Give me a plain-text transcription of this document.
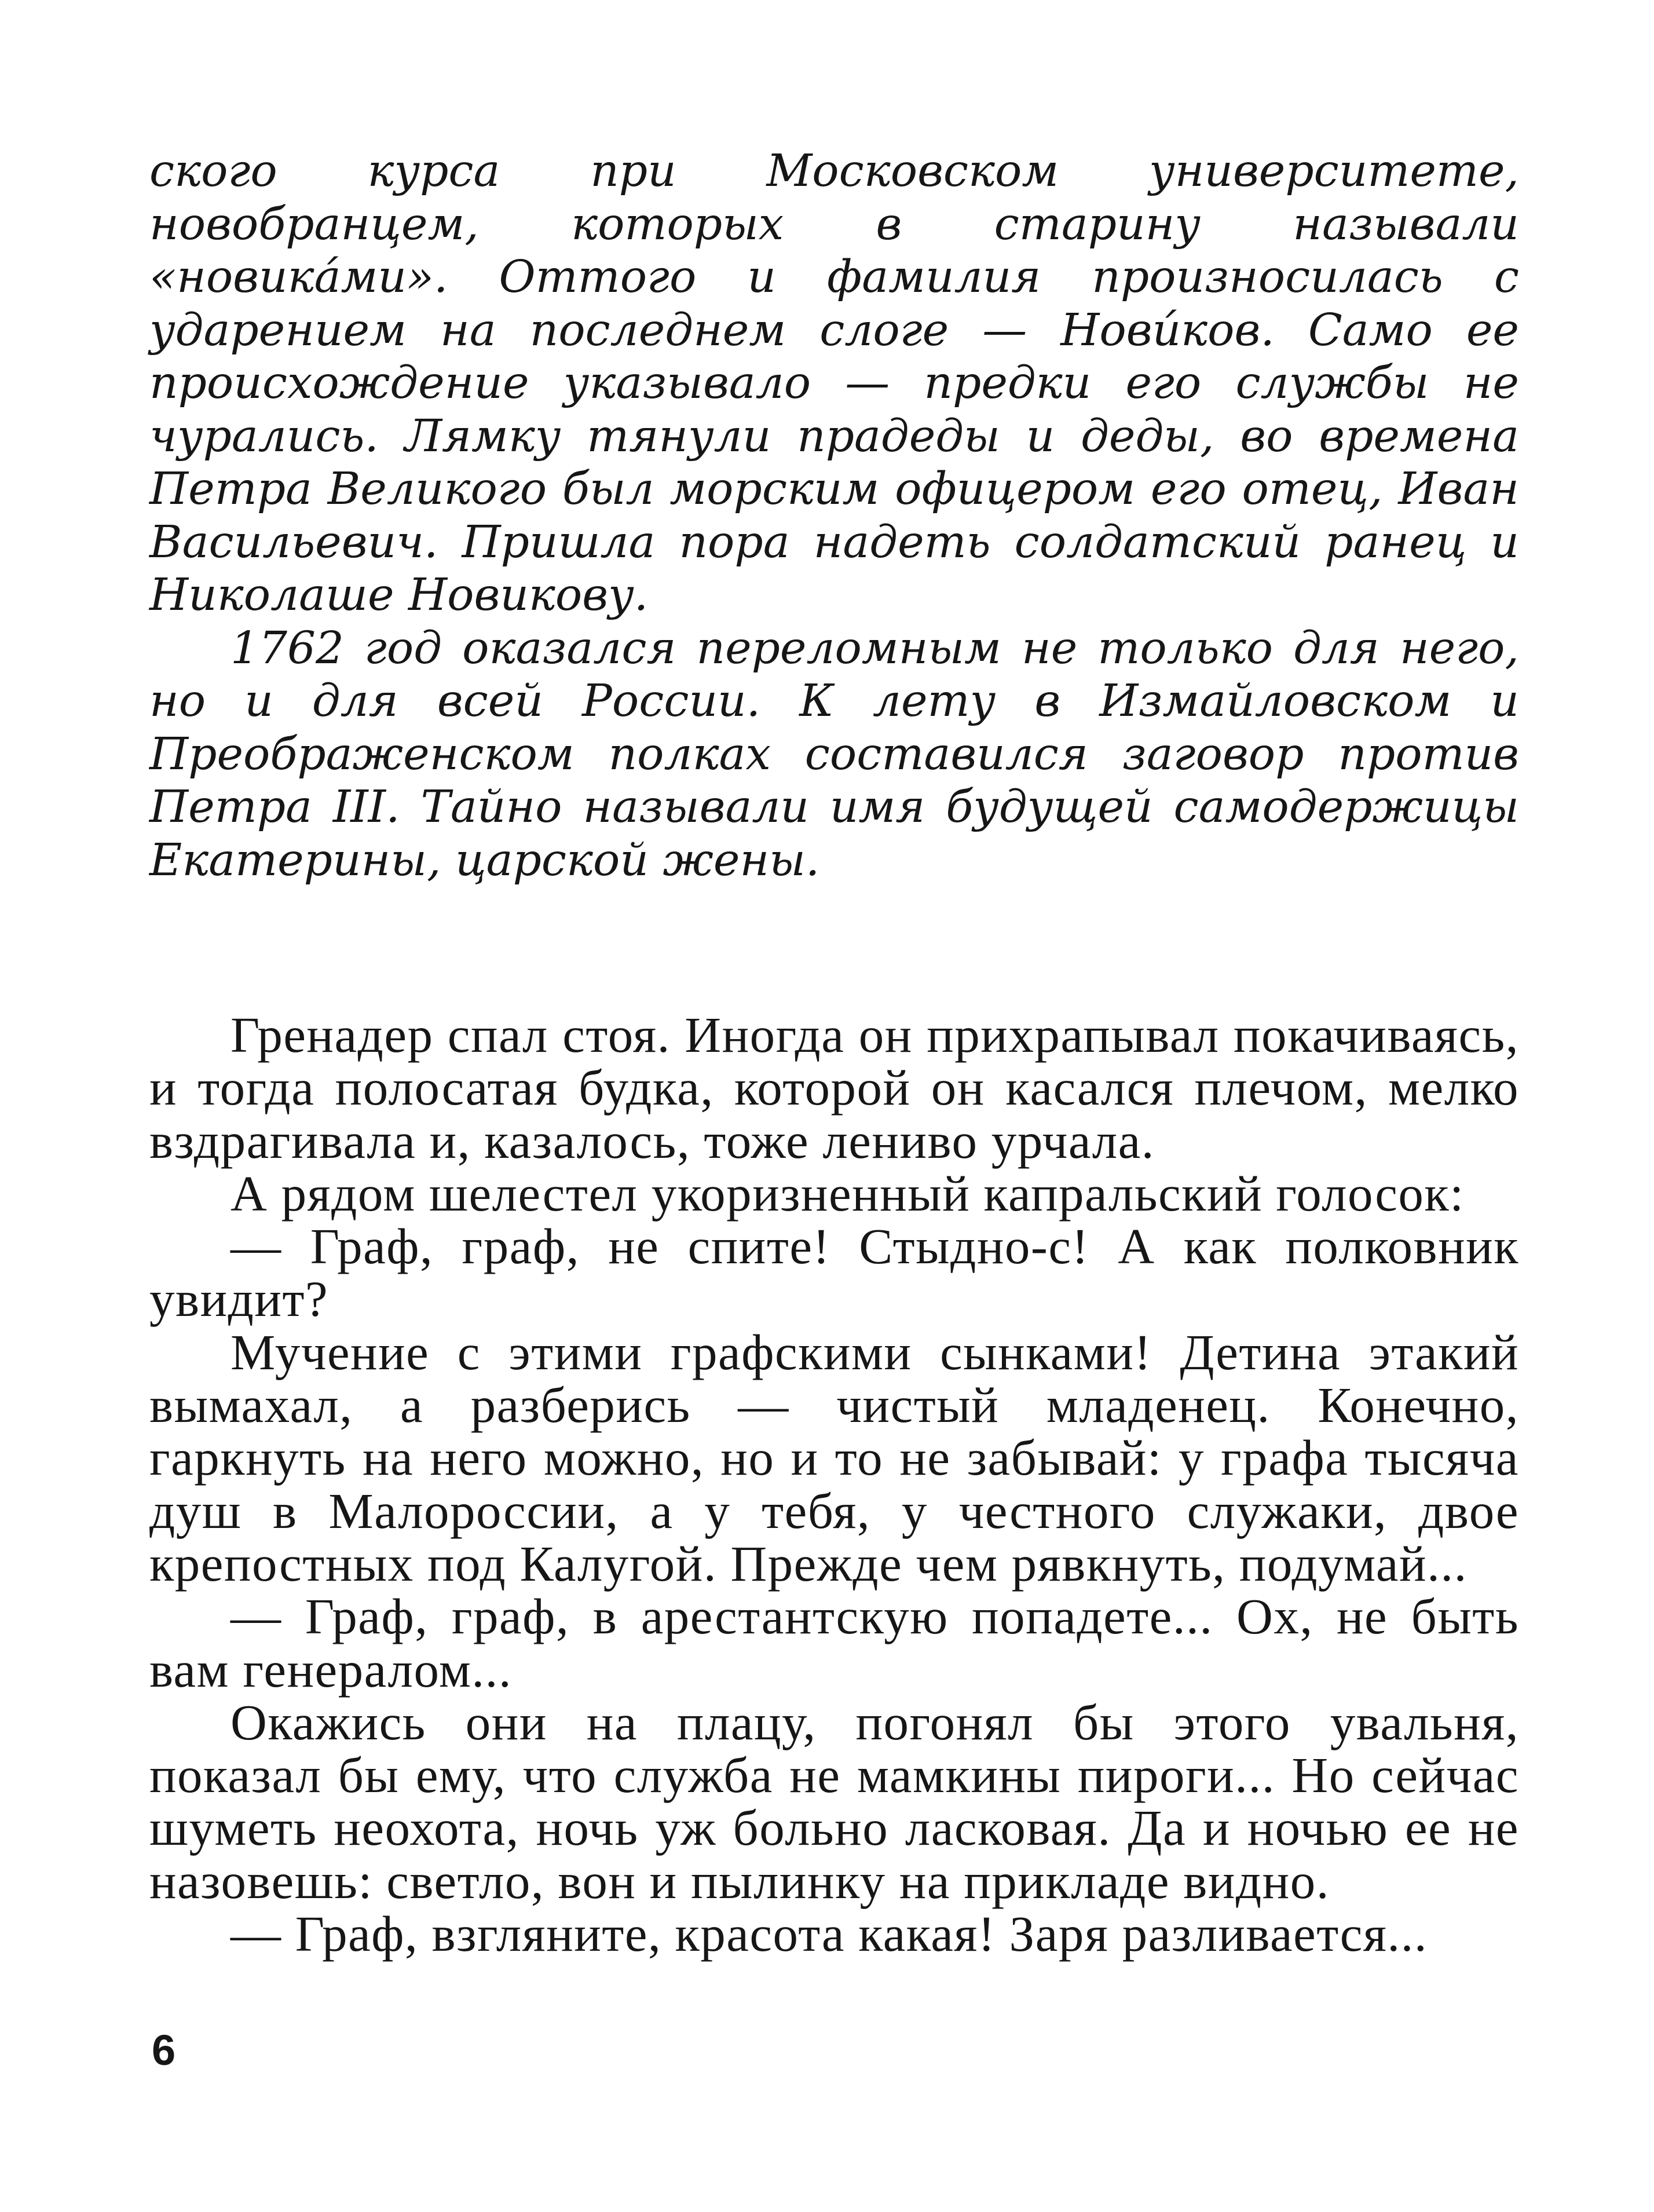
ского курса при Московском университете, новобранцем, которых в старину называли «новика́ми». Оттого и фамилия произносилась с ударением на последнем слоге — Нови́ков. Само ее происхождение указывало — предки его службы не чурались. Лямку тянули прадеды и деды, во времена Петра Великого был морским офицером его отец, Иван Васильевич. Пришла пора надеть солдатский ранец и Николаше Новикову.

1762 год оказался переломным не только для него, но и для всей России. К лету в Измайловском и Преображенском полках составился заговор против Петра III. Тайно называли имя будущей самодержицы Екатерины, царской жены.

Гренадер спал стоя. Иногда он прихрапывал покачиваясь, и тогда полосатая будка, которой он касался плечом, мелко вздрагивала и, казалось, тоже лениво урчала.

А рядом шелестел укоризненный капральский голосок:

— Граф, граф, не спите! Стыдно-с! А как полковник увидит?

Мучение с этими графскими сынками! Детина этакий вымахал, а разберись — чистый младенец. Конечно, гаркнуть на него можно, но и то не забывай: у графа тысяча душ в Малороссии, а у тебя, у честного служаки, двое крепостных под Калугой. Прежде чем рявкнуть, подумай...

— Граф, граф, в арестантскую попадете... Ох, не быть вам генералом...

Окажись они на плацу, погонял бы этого увальня, показал бы ему, что служба не мамкины пироги... Но сейчас шуметь неохота, ночь уж больно ласковая. Да и ночью ее не назовешь: светло, вон и пылинку на прикладе видно.

— Граф, взгляните, красота какая! Заря разливается...

6
